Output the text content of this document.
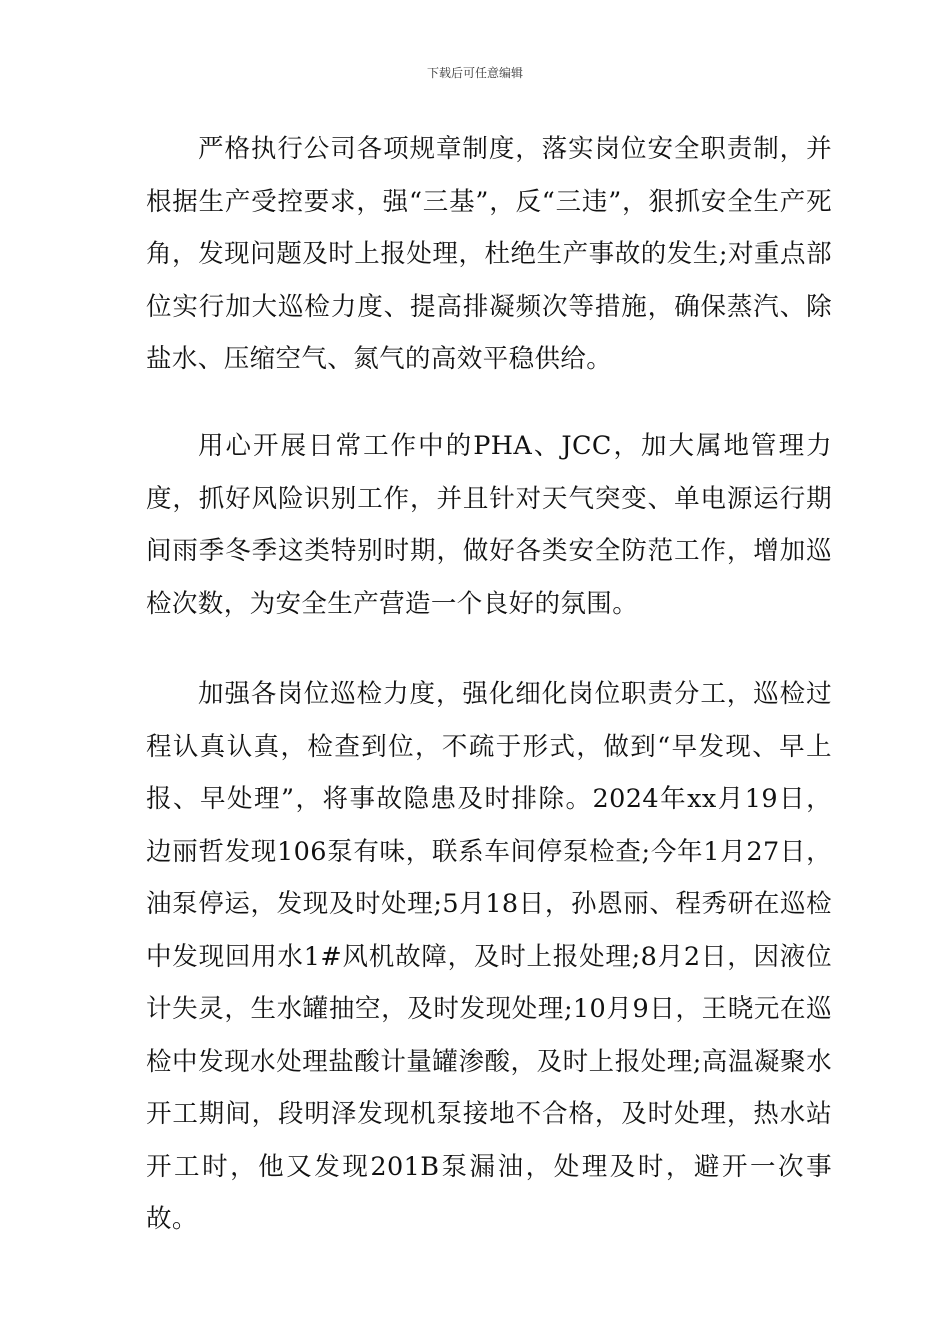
下载后可任意编辑

严格执行公司各项规章制度，落实岗位安全职责制，并根据生产受控要求，强“三基”，反“三违”，狠抓安全生产死角，发现问题及时上报处理，杜绝生产事故的发生;对重点部位实行加大巡检力度、提高排凝频次等措施，确保蒸汽、除盐水、压缩空气、氮气的高效平稳供给。

用心开展日常工作中的PHA、JCC，加大属地管理力度，抓好风险识别工作，并且针对天气突变、单电源运行期间雨季冬季这类特别时期，做好各类安全防范工作，增加巡检次数，为安全生产营造一个良好的氛围。

加强各岗位巡检力度，强化细化岗位职责分工，巡检过程认真认真，检查到位，不疏于形式，做到“早发现、早上报、早处理”，将事故隐患及时排除。2024年xx月19日，边丽哲发现106泵有味，联系车间停泵检查;今年1月27日，油泵停运，发现及时处理;5月18日，孙恩丽、程秀研在巡检中发现回用水1#风机故障，及时上报处理;8月2日，因液位计失灵，生水罐抽空，及时发现处理;10月9日，王晓元在巡检中发现水处理盐酸计量罐渗酸，及时上报处理;高温凝聚水开工期间，段明泽发现机泵接地不合格，及时处理，热水站开工时，他又发现201B泵漏油，处理及时，避开一次事故。
